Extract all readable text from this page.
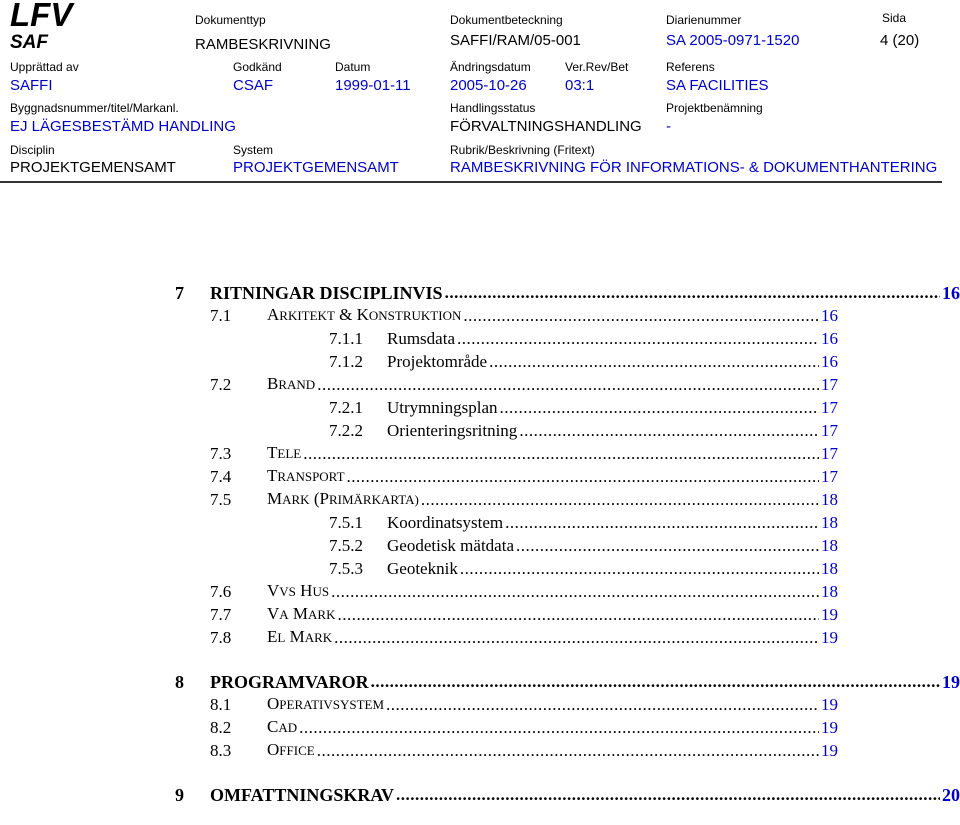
LFV
SAF
Dokumenttyp
RAMBESKRIVNING
Dokumentbeteckning
SAFFI/RAM/05-001
Diarienummer
SA 2005-0971-1520
Sida
4 (20)
Upprättad av
SAFFI
Godkänd
CSAF
Datum
1999-01-11
Ändringsdatum
2005-10-26
Ver.Rev/Bet
03:1
Referens
SA FACILITIES
Byggnadsnummer/titel/Markanl.
EJ LÄGESBESTÄMD HANDLING
Handlingsstatus
FÖRVALTNINGSHANDLING
Projektbenämning
-
Disciplin
PROJEKTGEMENSAMT
System
PROJEKTGEMENSAMT
Rubrik/Beskrivning (Fritext)
RAMBESKRIVNING FÖR INFORMATIONS- & DOKUMENTHANTERING
7	RITNINGAR DISCIPLINVIS .....	16
7.1	ARKITEKT & KONSTRUKTION .....	16
7.1.1	Rumsdata .....	16
7.1.2	Projektområde .....	16
7.2	BRAND .....	17
7.2.1	Utrymningsplan .....	17
7.2.2	Orienteringsritning .....	17
7.3	TELE .....	17
7.4	TRANSPORT .....	17
7.5	MARK (PRIMÄRKARTA) .....	18
7.5.1	Koordinatsystem .....	18
7.5.2	Geodetisk mätdata .....	18
7.5.3	Geoteknik .....	18
7.6	VVS HUS .....	18
7.7	VA MARK .....	19
7.8	EL MARK .....	19
8	PROGRAMVAROR .....	19
8.1	OPERATIVSYSTEM .....	19
8.2	CAD .....	19
8.3	OFFICE .....	19
9	OMFATTNINGSKRAV .....	20
